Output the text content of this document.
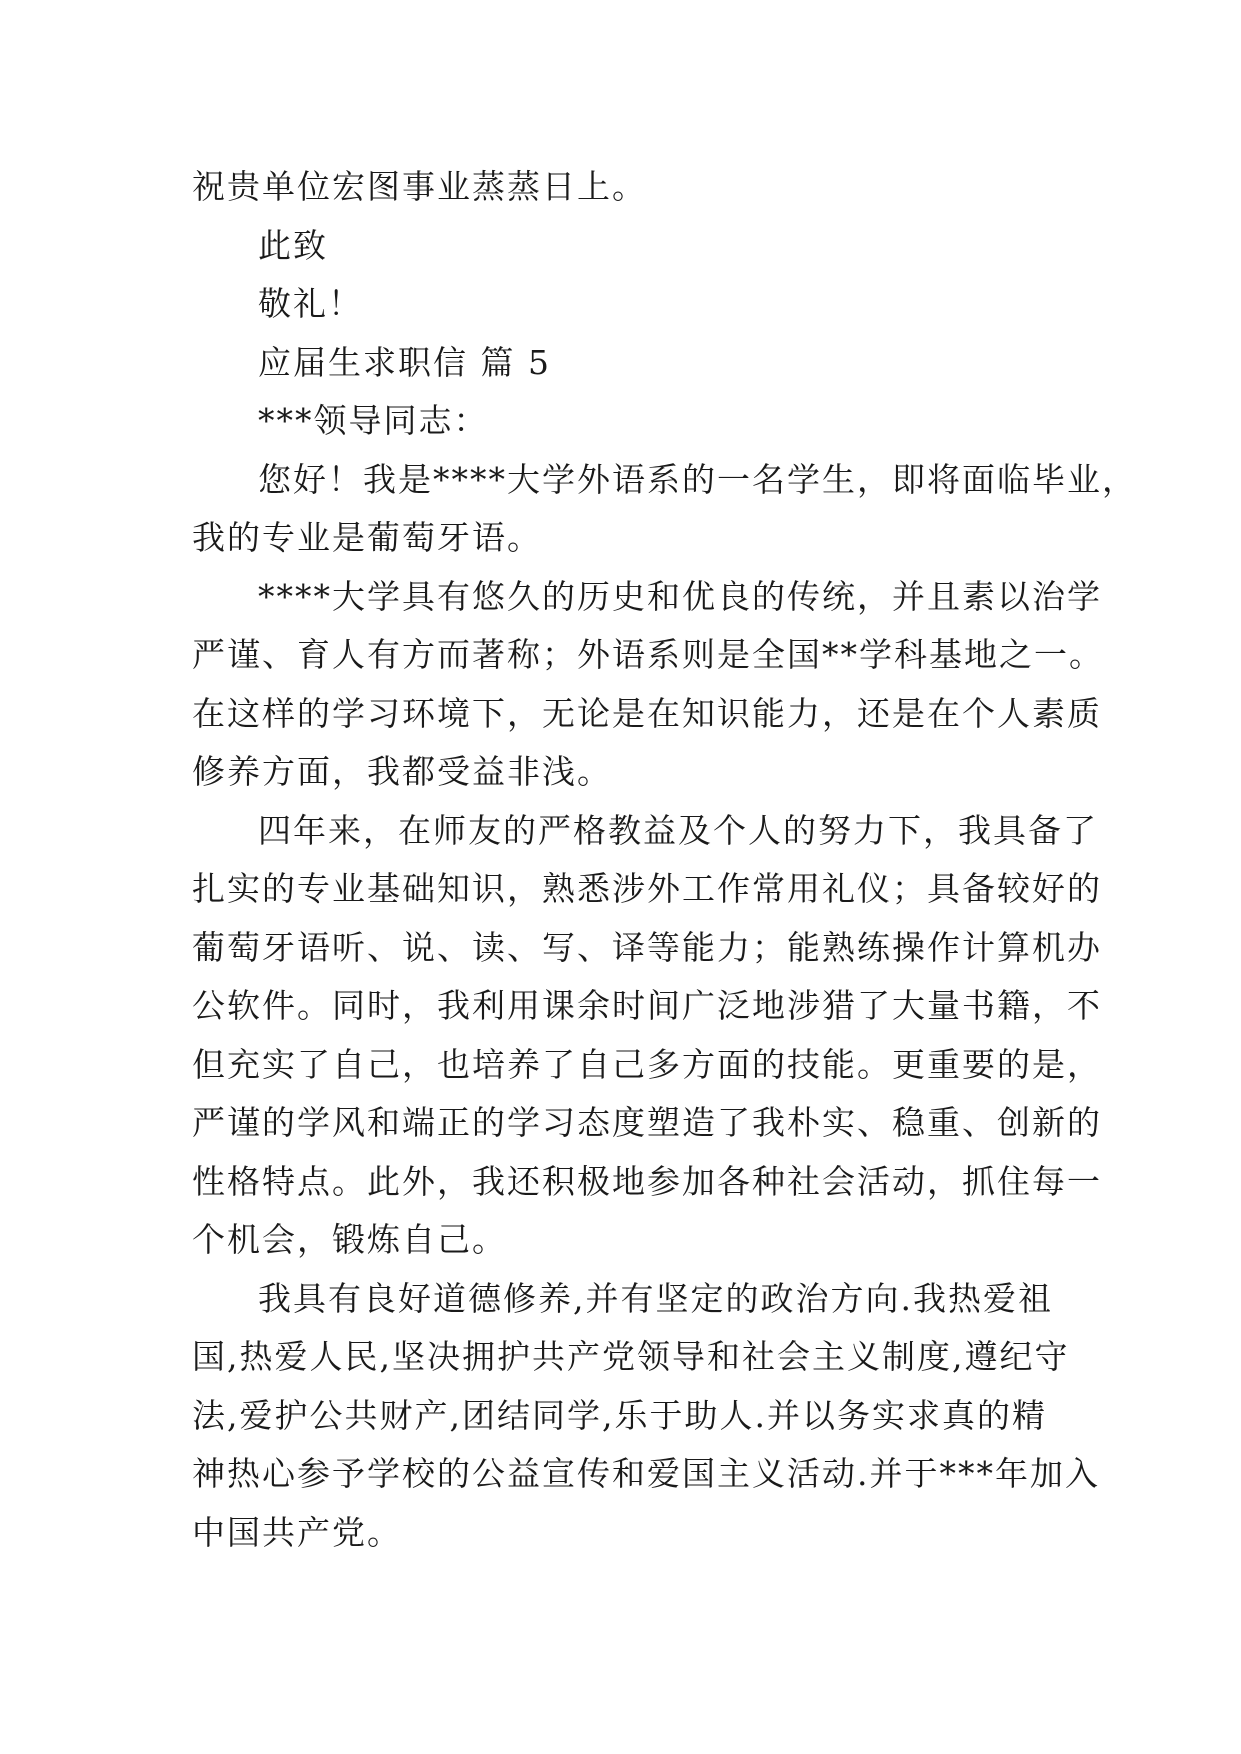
祝贵单位宏图事业蒸蒸日上。
此致
敬礼！
应届生求职信 篇 5
***领导同志：
您好！我是****大学外语系的一名学生，即将面临毕业，
我的专业是葡萄牙语。
****大学具有悠久的历史和优良的传统，并且素以治学
严谨、育人有方而著称；外语系则是全国**学科基地之一。
在这样的学习环境下，无论是在知识能力，还是在个人素质
修养方面，我都受益非浅。
四年来，在师友的严格教益及个人的努力下，我具备了
扎实的专业基础知识，熟悉涉外工作常用礼仪；具备较好的
葡萄牙语听、说、读、写、译等能力；能熟练操作计算机办
公软件。同时，我利用课余时间广泛地涉猎了大量书籍，不
但充实了自己，也培养了自己多方面的技能。更重要的是，
严谨的学风和端正的学习态度塑造了我朴实、稳重、创新的
性格特点。此外，我还积极地参加各种社会活动，抓住每一
个机会，锻炼自己。
我具有良好道德修养,并有坚定的政治方向.我热爱祖
国,热爱人民,坚决拥护共产党领导和社会主义制度,遵纪守
法,爱护公共财产,团结同学,乐于助人.并以务实求真的精
神热心参予学校的公益宣传和爱国主义活动.并于***年加入
中国共产党。
